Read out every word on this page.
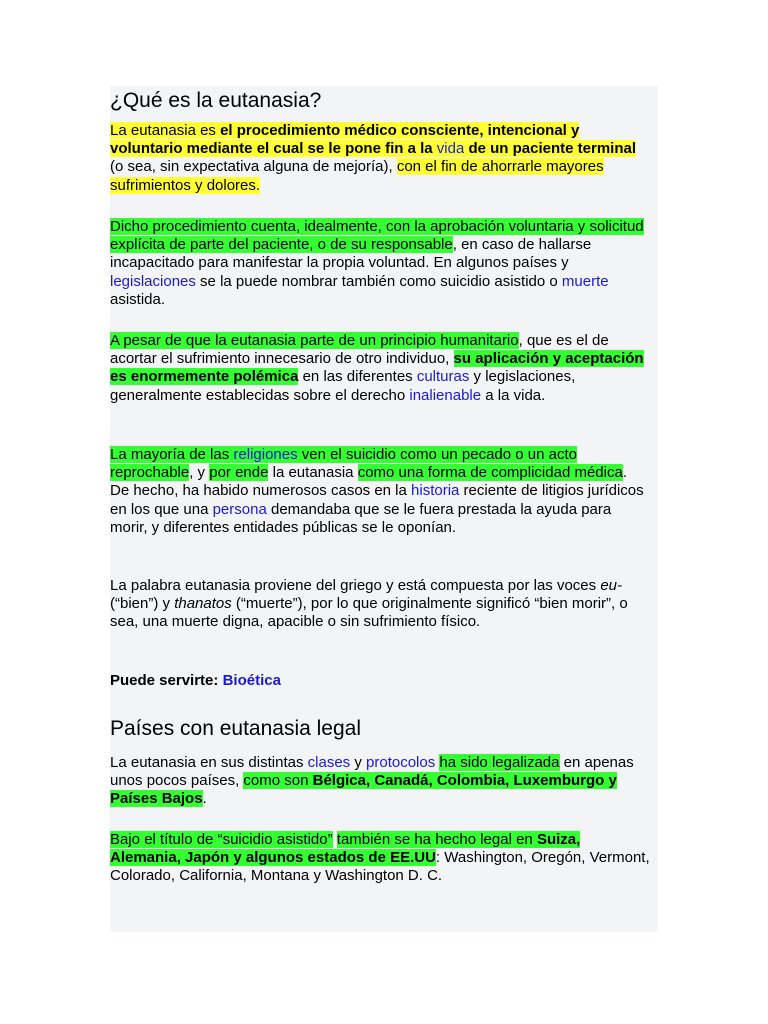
¿Qué es la eutanasia?

La eutanasia es el procedimiento médico consciente, intencional y voluntario mediante el cual se le pone fin a la vida de un paciente terminal (o sea, sin expectativa alguna de mejoría), con el fin de ahorrarle mayores sufrimientos y dolores.

Dicho procedimiento cuenta, idealmente, con la aprobación voluntaria y solicitud explícita de parte del paciente, o de su responsable, en caso de hallarse incapacitado para manifestar la propia voluntad. En algunos países y legislaciones se la puede nombrar también como suicidio asistido o muerte asistida.

A pesar de que la eutanasia parte de un principio humanitario, que es el de acortar el sufrimiento innecesario de otro individuo, su aplicación y aceptación es enormemente polémica en las diferentes culturas y legislaciones, generalmente establecidas sobre el derecho inalienable a la vida.

La mayoría de las religiones ven el suicidio como un pecado o un acto reprochable, y por ende la eutanasia como una forma de complicidad médica. De hecho, ha habido numerosos casos en la historia reciente de litigios jurídicos en los que una persona demandaba que se le fuera prestada la ayuda para morir, y diferentes entidades públicas se le oponían.

La palabra eutanasia proviene del griego y está compuesta por las voces eu- (“bien”) y thanatos (“muerte”), por lo que originalmente significó “bien morir”, o sea, una muerte digna, apacible o sin sufrimiento físico.

Puede servirte: Bioética

Países con eutanasia legal

La eutanasia en sus distintas clases y protocolos ha sido legalizada en apenas unos pocos países, como son Bélgica, Canadá, Colombia, Luxemburgo y Países Bajos.

Bajo el título de “suicidio asistido” también se ha hecho legal en Suiza, Alemania, Japón y algunos estados de EE.UU: Washington, Oregón, Vermont, Colorado, California, Montana y Washington D. C.
